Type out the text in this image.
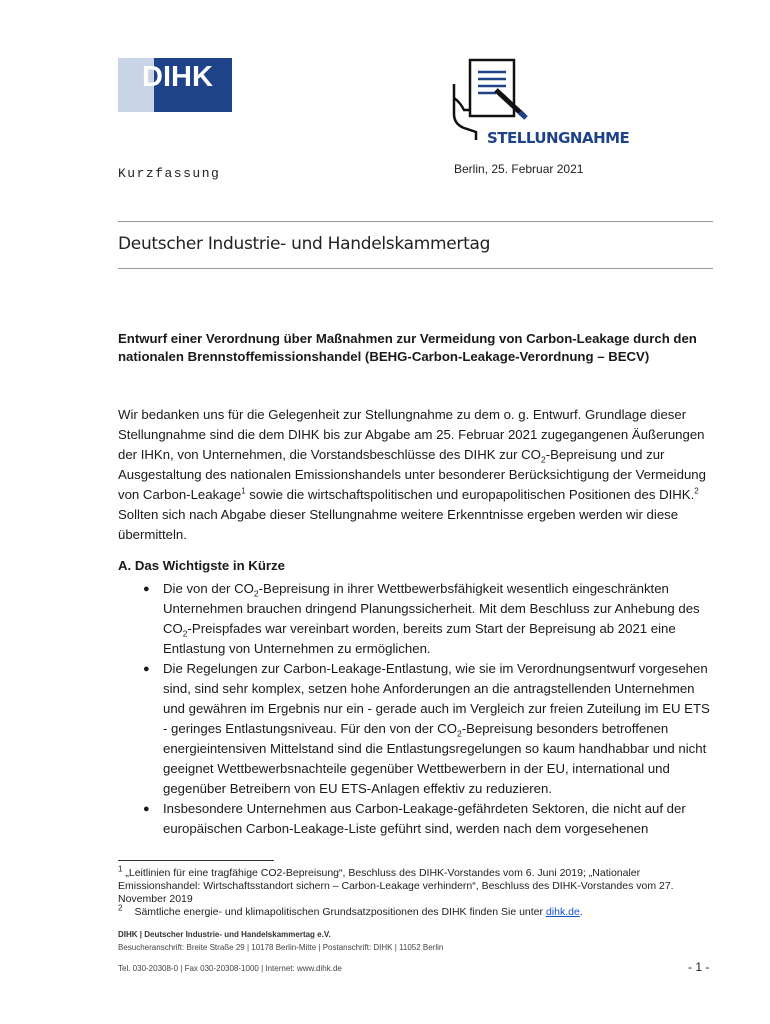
DIHK
STELLUNGNAHME
Kurzfassung	Berlin, 25. Februar 2021
Deutscher Industrie- und Handelskammertag
Entwurf einer Verordnung über Maßnahmen zur Vermeidung von Carbon-Leakage durch den nationalen Brennstoffemissionshandel (BEHG-Carbon-Leakage-Verordnung – BECV)
Wir bedanken uns für die Gelegenheit zur Stellungnahme zu dem o. g. Entwurf. Grundlage dieser Stellungnahme sind die dem DIHK bis zur Abgabe am 25. Februar 2021 zugegangenen Äußerungen der IHKn, von Unternehmen, die Vorstandsbeschlüsse des DIHK zur $CO_2$-Bepreisung und zur Ausgestaltung des nationalen Emissionshandels unter besonderer Berücksichtigung der Vermeidung von Carbon-Leakage$^1$ sowie die wirtschaftspolitischen und europapolitischen Positionen des DIHK.$^2$ Sollten sich nach Abgabe dieser Stellungnahme weitere Erkenntnisse ergeben werden wir diese übermitteln.
A. Das Wichtigste in Kürze
● Die von der $CO_2$-Bepreisung in ihrer Wettbewerbsfähigkeit wesentlich eingeschränkten Unternehmen brauchen dringend Planungssicherheit. Mit dem Beschluss zur Anhebung des $CO_2$-Preispfades war vereinbart worden, bereits zum Start der Bepreisung ab 2021 eine Entlastung von Unternehmen zu ermöglichen.
● Die Regelungen zur Carbon-Leakage-Entlastung, wie sie im Verordnungsentwurf vorgesehen sind, sind sehr komplex, setzen hohe Anforderungen an die antragstellenden Unternehmen und gewähren im Ergebnis nur ein - gerade auch im Vergleich zur freien Zuteilung im EU ETS - geringes Entlastungsniveau. Für den von der $CO_2$-Bepreisung besonders betroffenen energieintensiven Mittelstand sind die Entlastungsregelungen so kaum handhabbar und nicht geeignet Wettbewerbsnachteile gegenüber Wettbewerbern in der EU, international und gegenüber Betreibern von EU ETS-Anlagen effektiv zu reduzieren.
● Insbesondere Unternehmen aus Carbon-Leakage-gefährdeten Sektoren, die nicht auf der europäischen Carbon-Leakage-Liste geführt sind, werden nach dem vorgesehenen
$^1$ „Leitlinien für eine tragfähige CO2-Bepreisung“, Beschluss des DIHK-Vorstandes vom 6. Juni 2019; „Nationaler Emissionshandel: Wirtschaftsstandort sichern – Carbon-Leakage verhindern“, Beschluss des DIHK-Vorstandes vom 27. November 2019
$^2$ Sämtliche energie- und klimapolitischen Grundsatzpositionen des DIHK finden Sie unter dihk.de.
DIHK | Deutscher Industrie- und Handelskammertag e.V.
Besucheranschrift: Breite Straße 29 | 10178 Berlin-Mitte | Postanschrift: DIHK | 11052 Berlin
Tel. 030-20308-0 | Fax 030-20308-1000 | Internet: www.dihk.de	- 1 -
